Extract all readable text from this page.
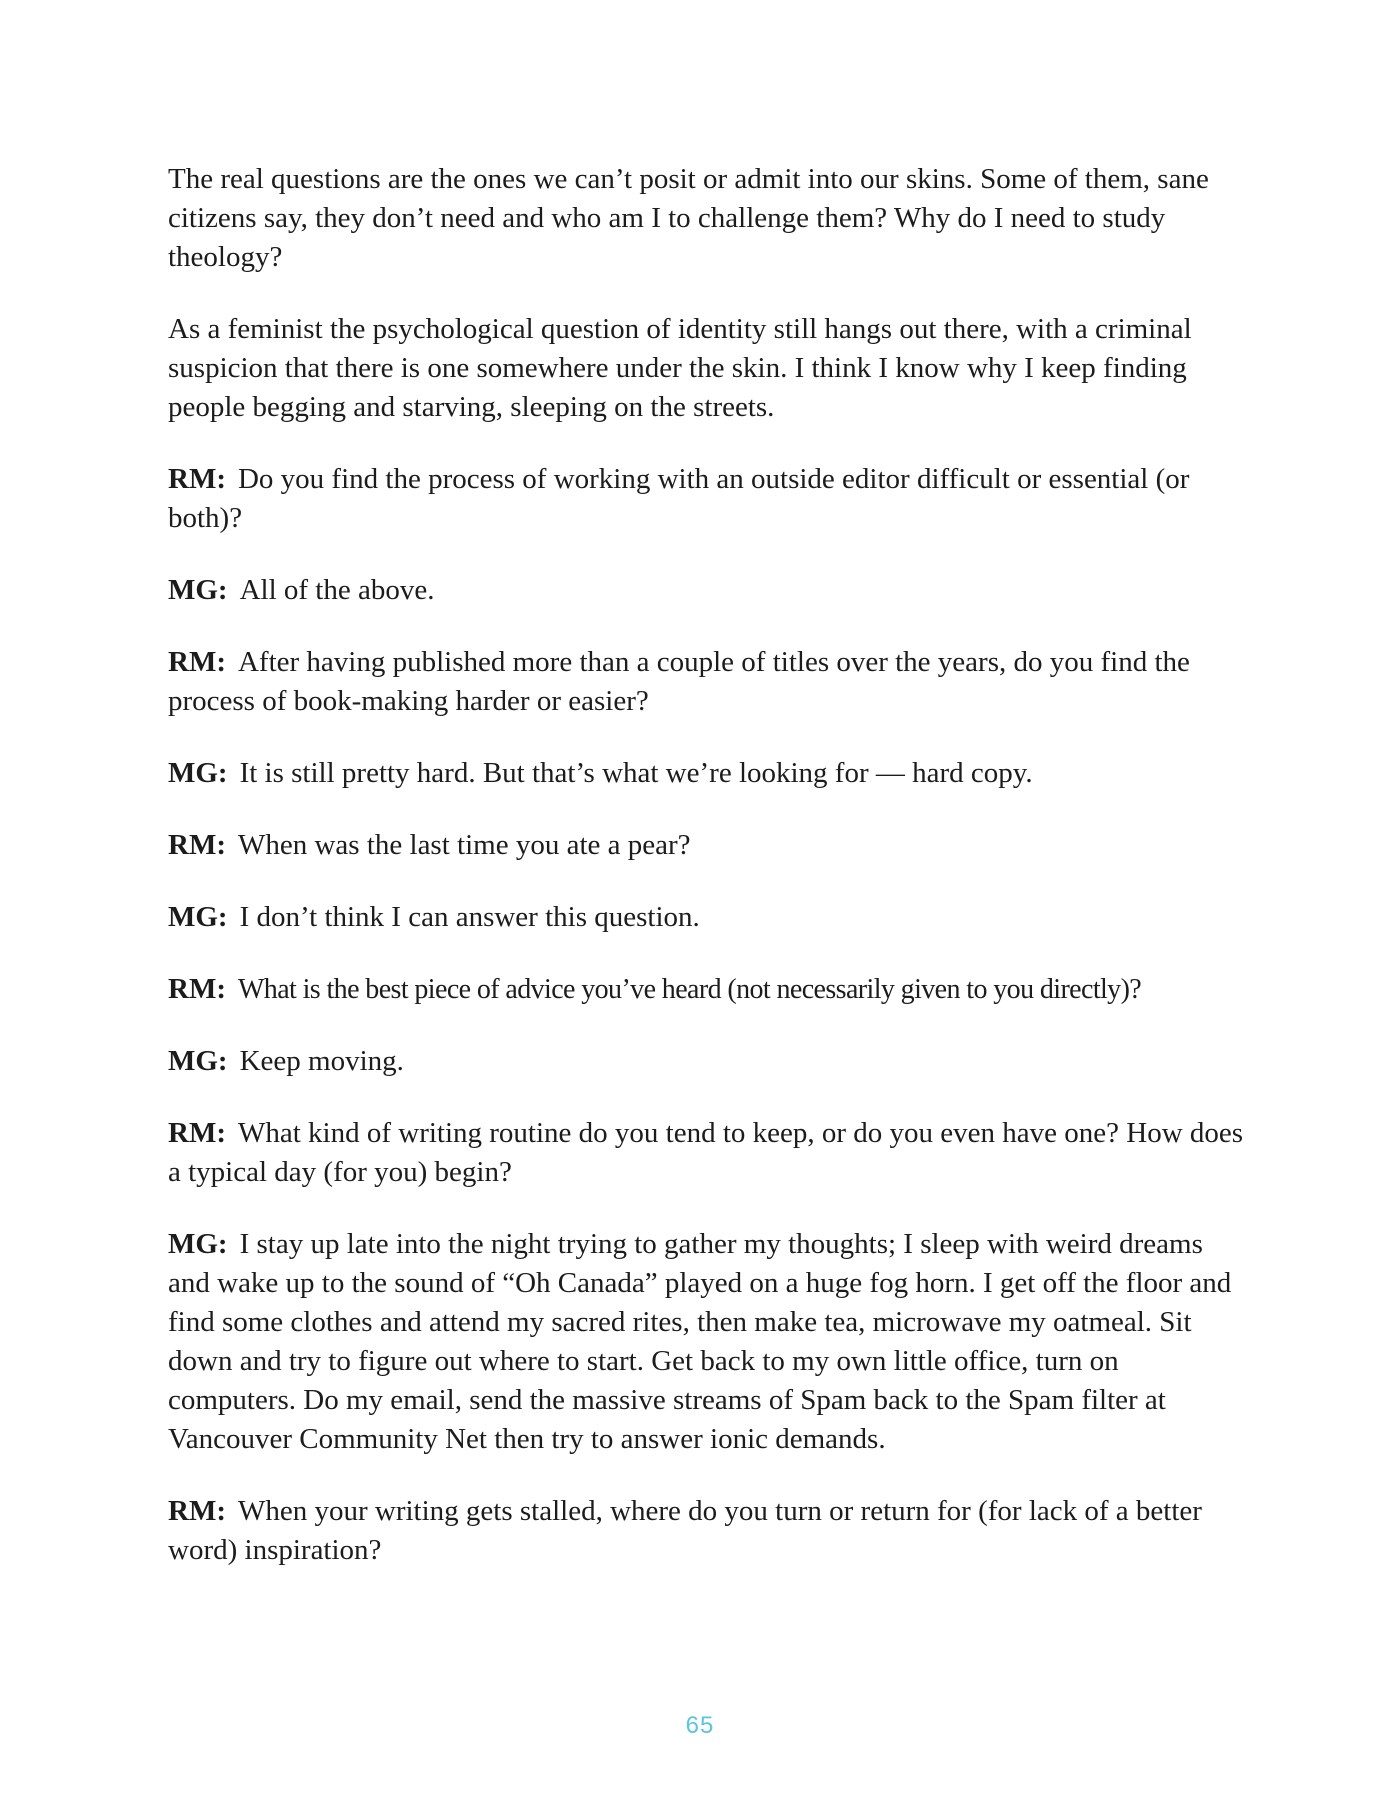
The real questions are the ones we can’t posit or admit into our skins. Some of them, sane citizens say, they don’t need and who am I to challenge them? Why do I need to study theology?

As a feminist the psychological question of identity still hangs out there, with a criminal suspicion that there is one somewhere under the skin. I think I know why I keep finding people begging and starving, sleeping on the streets.

RM: Do you find the process of working with an outside editor difficult or essential (or both)?

MG: All of the above.

RM: After having published more than a couple of titles over the years, do you find the process of book-making harder or easier?

MG: It is still pretty hard. But that’s what we’re looking for — hard copy.

RM: When was the last time you ate a pear?

MG: I don’t think I can answer this question.

RM: What is the best piece of advice you’ve heard (not necessarily given to you directly)?

MG: Keep moving.

RM: What kind of writing routine do you tend to keep, or do you even have one? How does a typical day (for you) begin?

MG: I stay up late into the night trying to gather my thoughts; I sleep with weird dreams and wake up to the sound of “Oh Canada” played on a huge fog horn. I get off the floor and find some clothes and attend my sacred rites, then make tea, microwave my oatmeal. Sit down and try to figure out where to start. Get back to my own little office, turn on computers. Do my email, send the massive streams of Spam back to the Spam filter at Vancouver Community Net then try to answer ionic demands.

RM: When your writing gets stalled, where do you turn or return for (for lack of a better word) inspiration?

65
